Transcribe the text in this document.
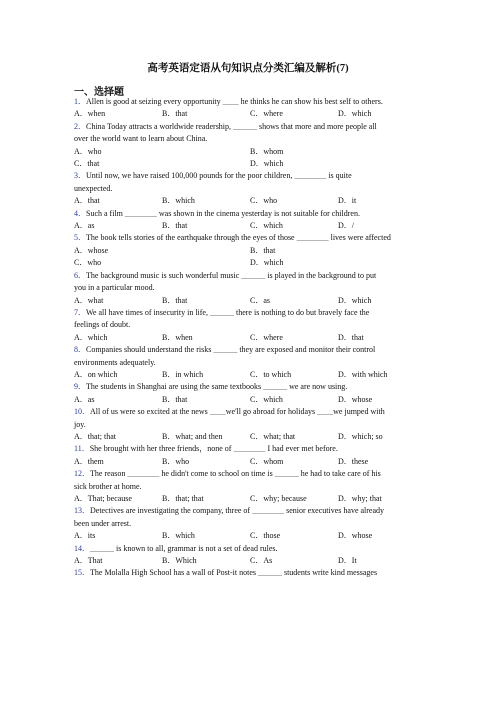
高考英语定语从句知识点分类汇编及解析(7)
一、选择题

1．Allen is good at seizing every opportunity ＿＿ he thinks he can show his best self to others.

A．when	B．that	C．where	D．which

2．China Today attracts a worldwide readership, ＿＿＿ shows that more and more people all

over the world want to learn about China.

A．who	B．whom
C．that	D．which

3．Until now, we have raised 100,000 pounds for the poor children, ＿＿＿＿ is quite

unexpected.

A．that	B．which	C．who	D．it

4．Such a film ＿＿＿＿ was shown in the cinema yesterday is not suitable for children.

A．as	B．that	C．which	D．/

5．The book tells stories of the earthquake through the eyes of those ＿＿＿＿ lives were affected

A．whose	B．that
C．who	D．which

6．The background music is such wonderful music ＿＿＿ is played in the background to put

you in a particular mood.

A．what	B．that	C．as	D．which

7．We all have times of insecurity in life, ＿＿＿ there is nothing to do but bravely face the

feelings of doubt.

A．which	B．when	C．where	D．that

8．Companies should understand the risks ＿＿＿ they are exposed and monitor their control

environments adequately.

A．on which	B．in which	C．to which	D．with which

9．The students in Shanghai are using the same textbooks ＿＿＿ we are now using.

A．as	B．that	C．which	D．whose

10．All of us were so excited at the news ＿＿we'll go abroad for holidays ＿＿we jumped with

joy.

A．that; that	B．what; and then	C．what; that	D．which; so

11．She brought with her three friends，none of ＿＿＿＿ I had ever met before.

A．them	B．who	C．whom	D．these

12．The reason ＿＿＿＿ he didn't come to school on time is ＿＿＿ he had to take care of his

sick brother at home.

A．That; because	B．that; that	C．why; because	D．why; that

13．Detectives are investigating the company, three of ＿＿＿＿ senior executives have already

been under arrest.

A．its	B．which	C．those	D．whose

14．＿＿＿ is known to all, grammar is not a set of dead rules.

A．That	B．Which	C．As	D．It

15．The Molalla High School has a wall of Post-it notes ＿＿＿ students write kind messages
